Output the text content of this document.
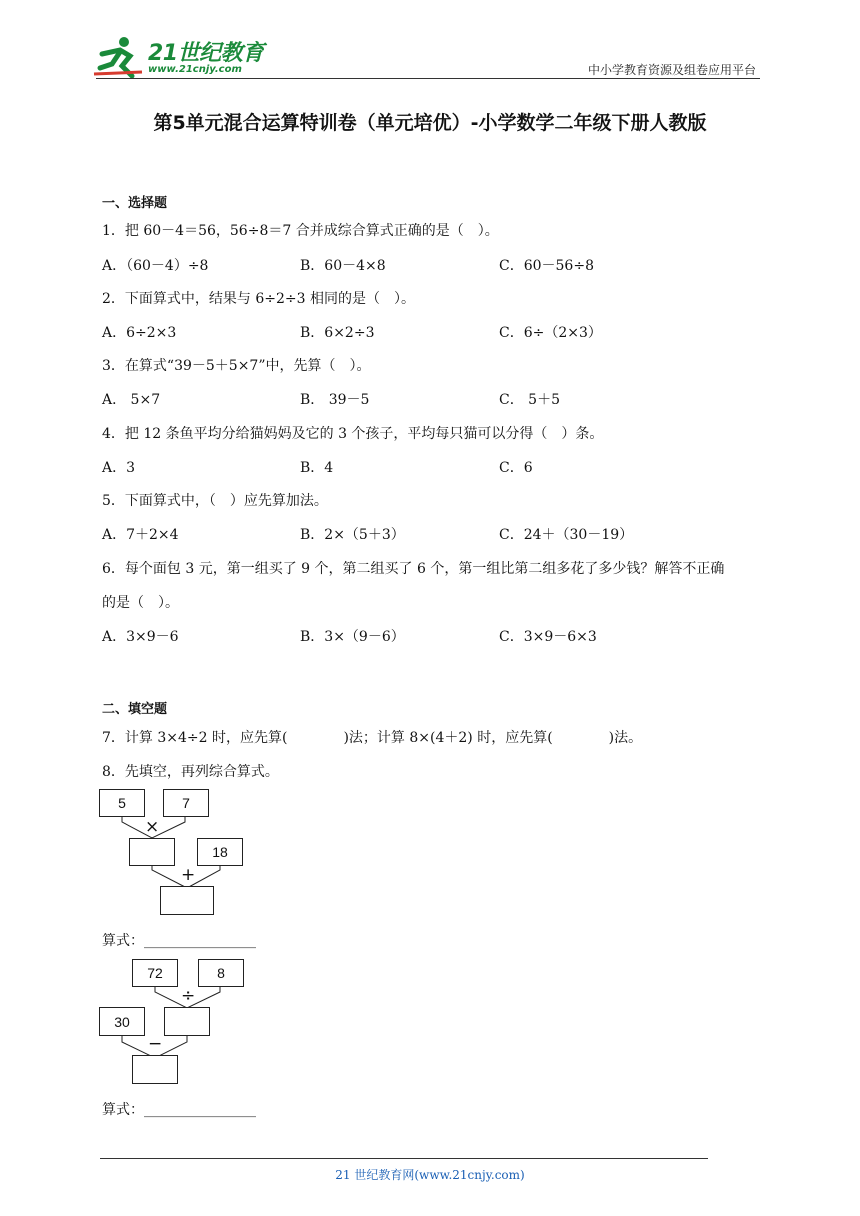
21世纪教育
www.21cnjy.com	中小学教育资源及组卷应用平台
第5单元混合运算特训卷（单元培优）-小学数学二年级下册人教版
一、选择题
1．把 60－4＝56，56÷8＝7 合并成综合算式正确的是（　）。
A．（60－4）÷8	B．60－4×8	C．60－56÷8
2．下面算式中，结果与 6÷2÷3 相同的是（　）。
A．6÷2×3	B．6×2÷3	C．6÷（2×3）
3．在算式“39－5＋5×7”中，先算（　）。
A． 5×7	B． 39－5	C． 5＋5
4．把 12 条鱼平均分给猫妈妈及它的 3 个孩子，平均每只猫可以分得（　）条。
A．3	B．4	C．6
5．下面算式中，（　）应先算加法。
A．7＋2×4	B．2×（5＋3）	C．24＋（30－19）
6．每个面包 3 元，第一组买了 9 个，第二组买了 6 个，第一组比第二组多花了多少钱？解答不正确
的是（　）。
A．3×9－6	B．3×（9－6）	C．3×9－6×3
二、填空题
7．计算 3×4÷2 时，应先算(　　　　)法；计算 8×(4＋2) 时，应先算(　　　　)法。
8．先填空，再列综合算式。
5	7
×
18
+
算式：________________
72	8
÷
30
−
算式：________________
21 世纪教育网(www.21cnjy.com)
